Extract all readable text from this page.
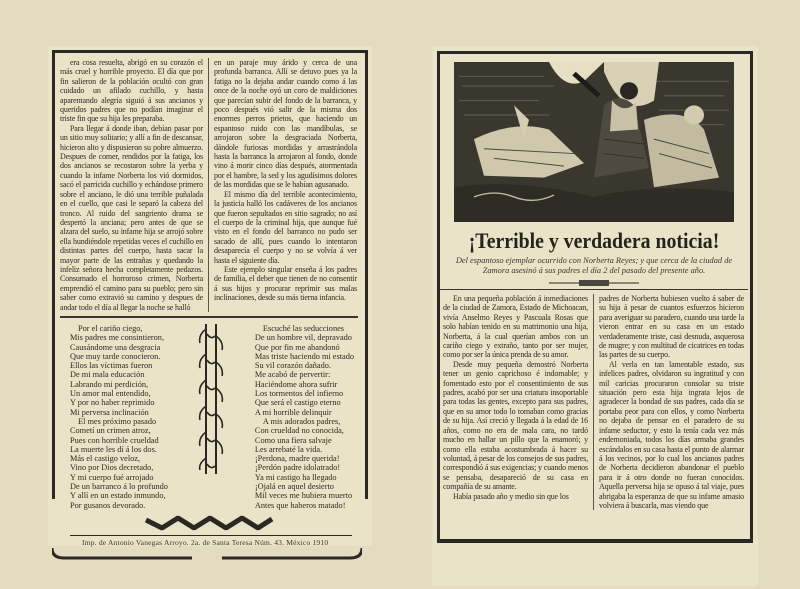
era cosa resuelta, abrigó en su corazón el más cruel y horrible proyecto. El día que por fin salieron de la población ocultó con gran cuidado un afilado cuchillo, y hasta aparentando alegría siguió á sus ancianos y queridos padres que no podían imaginar el triste fin que su hija les preparaba.

Para llegar á donde iban, debían pasar por un sitio muy solitario; y allí a fin de descansar, hicieron alto y dispusieron su pobre almuerzo. Despues de comer, rendidos por la fatiga, los dos ancianos se recostaron sobre la yerba y cuando la infame Norberta los vió dormidos, sacó el parricida cuchillo y echándose primero sobre el anciano, le dió una terrible puñalada en el cuello, que casi le separó la cabeza del tronco. Al ruido del sangriento drama se despertó la anciana; pero antes de que se alzara del suelo, su infame hija se arrojó sobre ella hundiéndole repetidas veces el cuchillo en distintas partes del cuerpo, hasta sacar la mayor parte de las entrañas y quedando la infeliz señora hecha completamente pedazos. Consumado el horroroso crimen, Norberta emprendió el camino para su pueblo; pero sin saber como extravió su camino y despues de andar todo el día al llegar la noche se halló

en un paraje muy árido y cerca de una profunda barranca. Allí se detuvo pues ya la fatiga no la dejaba andar cuando como á las once de la noche oyó un coro de maldiciones que parecían subir del fondo de la barranca, y poco después vió salir de la misma dos enormes perros prietos, que haciendo un espantoso ruido con las mandíbulas, se arrojaron sobre la desgraciada Norberta, dándole furiosas mordidas y arrastrándola hasta la barranca la arrojaron al fondo, donde vino á morir cinco días después, atormentada por el hambre, la sed y los agudísimos dolores de las mordidas que se le habían agusanado.

El mismo día del terrible acontecimiento, la justicia halló los cadáveres de los ancianos que fueron sepultados en sitio sagrado; no así el cuerpo de la criminal hija, que aunque fué visto en el fondo del barranco no pudo ser sacado de allí, pues cuando lo intentaron desaparecía el cuerpo y no se volvía á ver hasta el siguiente día.

Este ejemplo singular enseña á los padres de familia, el deber que tienen de no consentir á sus hijos y procurar reprimir sus malas inclinaciones, desde su más tierna infancia.

Por el cariño ciego,
Mis padres me consintieron,
Causándome una desgracia
Que muy tarde conocieron.
Ellos las víctimas fueron
De mi mala educación
Labrando mi perdición,
Un amor mal entendido,
Y por no haber reprimido
Mi perversa inclinación
El mes próximo pasado
Cometí un crimen atroz,
Pues con horrible crueldad
La muerte les dí á los dos.
Más el castigo veloz,
Vino por Dios decretado,
Y mi cuerpo fué arrojado
De un barranco á lo profundo
Y allí en un estado inmundo,
Por gusanos devorado.
Escuché las seducciones
De un hombre vil, depravado
Que por fin me abandonó
Mas triste haciendo mi estado
Su vil corazón dañado.
Me acabó de pervertir:
Haciéndome ahora sufrir
Los tormentos del infierno
Que será el castigo eterno
A mi horrible delinquir
A mis adorados padres,
Con crueldad no conocida,
Como una fiera salvaje
Les arrebaté la vida.
¡Perdona, madre querida!
¡Perdón padre idolatrado!
Ya mi castigo ha llegado
¡Ojalá en aquel desierto
Mil veces me hubiera muerto
Antes que haberos matado!
Imp. de Antonio Vanegas Arroyo. 2a. de Santa Teresa Núm. 43. México 1910
¡Terrible y verdadera noticia!
Del espantoso ejemplar ocurrido con Norberta Reyes; y que cerca de la ciudad de Zamora asesinó á sus padres el día 2 del pasado del presente año.

En una pequeña población á inmediaciones de la ciudad de Zamora, Estado de Michoacan, vivía Anselmo Reyes y Pascuala Rosas que solo habían tenido en su matrimonio una hija, Norberta, á la cual querían ambos con un cariño ciego y extraño, tanto por ser mujer, como por ser la única prenda de su amor.

Desde muy pequeña demostró Norberta tener un genio caprichoso é indomable; y fomentado esto por el consentimiento de sus padres, acabó por ser una criatura insoportable para todas las gentes, excepto para sus padres, que en su amor todo lo tomaban como gracias de su hija. Así creció y llegada á la edad de 16 años, como no era de mala cara, no tardó mucho en hallar un pillo que la enamoró; y como ella estaba acostumbrada á hacer su voluntad, á pesar de los consejos de sus padres, correspondió á sus exigencias; y cuando menos se pensaba, desapareció de su casa en compañía de su amante.

Había pasado año y medio sin que los

padres de Norberta hubiesen vuelto á saber de su hija á pesar de cuantos esfuerzos hicieron para averiguar su paradero, cuando una tarde la vieron entrar en su casa en un estado verdaderamente triste, casi desnuda, asquerosa de mugre; y con multitud de cicatrices en todas las partes de su cuerpo.

Al verla en tan lamentable estado, sus infelices padres, olvidaron su ingratitud y con mil caricias procuraron consolar su triste situación pero esta hija ingrata lejos de agradecer la bondad de sus padres, cada día se portaba peor para con ellos, y como Norberta no dejaba de pensar en el paradero de su infame seductor, y esto la tenía cada vez más endemoniada, todos los días armaba grandes escándalos en su casa hasta el punto de alarmar á los vecinos, por lo cual los ancianos padres de Norberta decidieron abandonar el pueblo para ir á otro donde no fueran conocidos. Aquella perversa hija se opuso á tal viaje, pues abrigaba la esperanza de que su infame amasio volviera á buscarla, mas viendo que
